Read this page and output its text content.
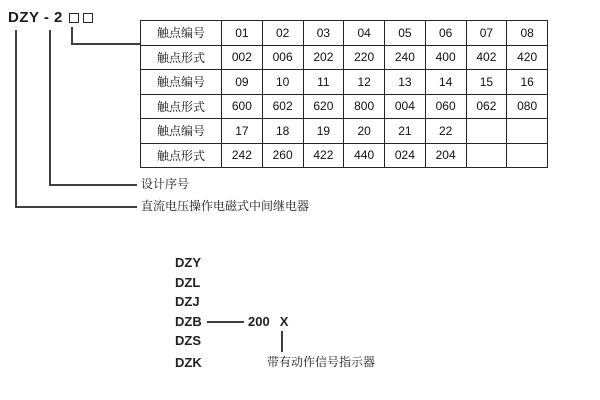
DZY - 2
触点编号	01	02	03	04	05	06	07	08
触点形式	002	006	202	220	240	400	402	420
触点编号	09	10	11	12	13	14	15	16
触点形式	600	602	620	800	004	060	062	080
触点编号	17	18	19	20	21	22		
触点形式	242	260	422	440	024	204		
设计序号
直流电压操作电磁式中间继电器
DZY
DZL
DZJ
DZB
DZS
DZK
200 X
带有动作信号指示器
